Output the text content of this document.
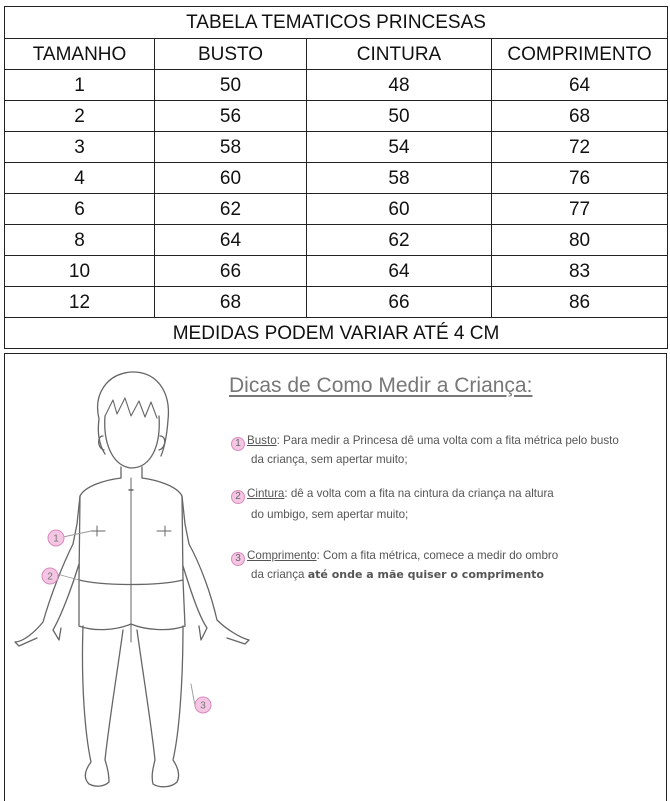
TABELA TEMATICOS PRINCESAS			
TAMANHO	BUSTO	CINTURA	COMPRIMENTO
1	50	48	64
2	56	50	68
3	58	54	72
4	60	58	76
6	62	60	77
8	64	62	80
10	66	64	83
12	68	66	86
MEDIDAS PODEM VARIAR ATÉ 4 CM			
1
2
3
Dicas de Como Medir a Criança:
1 Busto: Para medir a Princesa dê uma volta com a fita métrica pelo busto
da criança, sem apertar muito;
2 Cintura: dê a volta com a fita na cintura da criança na altura
do umbigo, sem apertar muito;
3 Comprimento: Com a fita métrica, comece a medir do ombro
da criança até onde a mãe quiser o comprimento
